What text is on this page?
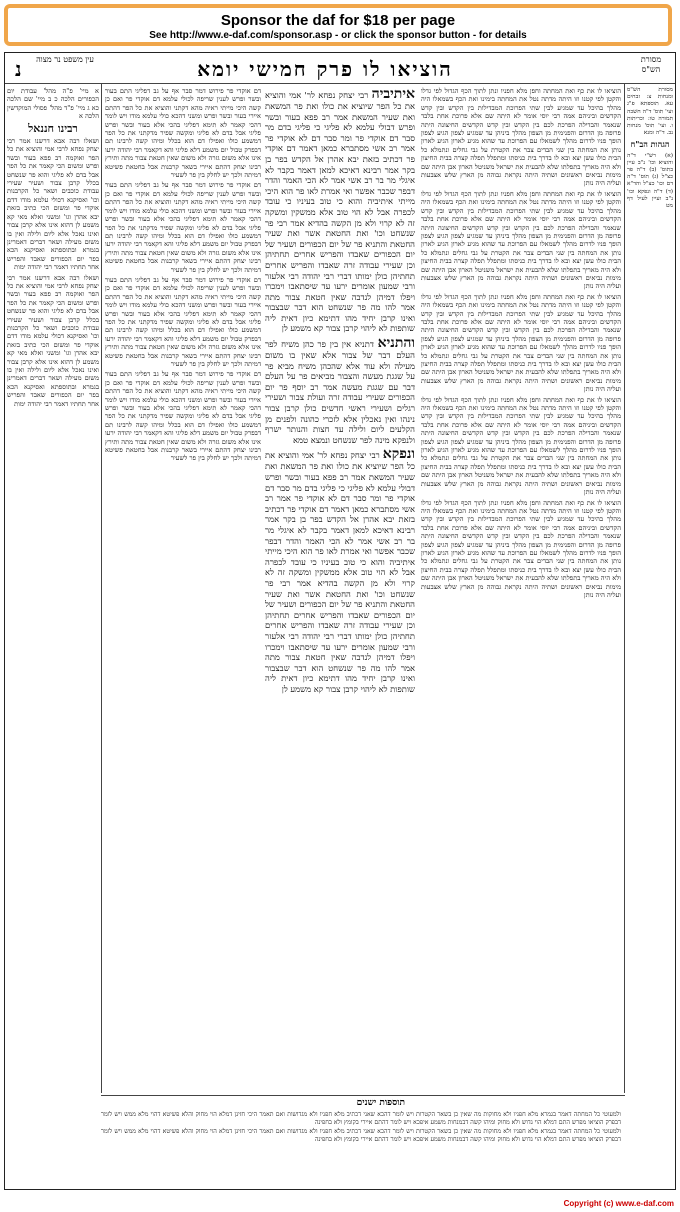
Sponsor the daf for $18 per page
See http://www.e-daf.com/sponsor.asp - or click the sponsor button - for details
מסורת הש"ס
הוציאו לו פרק חמישי יומא
נ עין משפט נר מצוה

מסורת הש"ס ומנחות צ: זבחים עא. תוספתא פ"ג ועי' תוס' ד"ה חשכה תמורה טו: וכריתות ו. ועי' תוס' מנחות נב. ד"ה ומנא

הגהות הב"ח

(א) רש"י ד"ה והוציא וכו' נ"ב עיין בתוס' (ב) ד"ה פר כצ"ל (ג) תוס' ד"ה דם וכו' כצ"ל והד"א (ד) ד"ה ונפקא וכו' נ"ב ועיין לעיל דף מט

הוציאו לו את כף ואת המחתה וחפן מלא חפניו ונתן לתוך הכף הגדול לפי גדלו והקטן לפי קטנו וזו היתה מדתה נטל את המחתה בימינו ואת הכף בשמאלו היה מהלך בהיכל עד שמגיע לבין שתי הפרוכת המבדילות בין הקדש ובין קדש הקדשים וביניהם אמה רבי יוסי אומר לא היתה שם אלא פרוכת אחת בלבד שנאמר והבדילה הפרכת לכם בין הקדש ובין קדש הקדשים החיצונה היתה פרופה מן הדרום והפנימית מן הצפון מהלך ביניהן עד שמגיע לצפון הגיע לצפון הופך פניו לדרום מהלך לשמאלו עם הפרוכת עד שהוא מגיע לארון הגיע לארון נותן את המחתה בין שני הבדים צבר את הקטרת על גבי גחלים ונתמלא כל הבית כולו עשן יצא ובא לו בדרך בית כניסתו ומתפלל תפלה קצרה בבית החיצון ולא היה מאריך בתפלתו שלא להבעית את ישראל משניטל הארון אבן היתה שם מימות נביאים ראשונים ושתיה היתה נקראת גבוהה מן הארץ שלש אצבעות ועליה היה נותן

הוציאו לו את כף ואת המחתה וחפן מלא חפניו ונתן לתוך הכף הגדול לפי גדלו והקטן לפי קטנו וזו היתה מדתה נטל את המחתה בימינו ואת הכף בשמאלו היה מהלך בהיכל עד שמגיע לבין שתי הפרוכת המבדילות בין הקדש ובין קדש הקדשים וביניהם אמה רבי יוסי אומר לא היתה שם אלא פרוכת אחת בלבד שנאמר והבדילה הפרכת לכם בין הקדש ובין קדש הקדשים החיצונה היתה פרופה מן הדרום והפנימית מן הצפון מהלך ביניהן עד שמגיע לצפון הגיע לצפון הופך פניו לדרום מהלך לשמאלו עם הפרוכת עד שהוא מגיע לארון הגיע לארון נותן את המחתה בין שני הבדים צבר את הקטרת על גבי גחלים ונתמלא כל הבית כולו עשן יצא ובא לו בדרך בית כניסתו ומתפלל תפלה קצרה בבית החיצון ולא היה מאריך בתפלתו שלא להבעית את ישראל משניטל הארון אבן היתה שם מימות נביאים ראשונים ושתיה היתה נקראת גבוהה מן הארץ שלש אצבעות ועליה היה נותן

הוציאו לו את כף ואת המחתה וחפן מלא חפניו ונתן לתוך הכף הגדול לפי גדלו והקטן לפי קטנו וזו היתה מדתה נטל את המחתה בימינו ואת הכף בשמאלו היה מהלך בהיכל עד שמגיע לבין שתי הפרוכת המבדילות בין הקדש ובין קדש הקדשים וביניהם אמה רבי יוסי אומר לא היתה שם אלא פרוכת אחת בלבד שנאמר והבדילה הפרכת לכם בין הקדש ובין קדש הקדשים החיצונה היתה פרופה מן הדרום והפנימית מן הצפון מהלך ביניהן עד שמגיע לצפון הגיע לצפון הופך פניו לדרום מהלך לשמאלו עם הפרוכת עד שהוא מגיע לארון הגיע לארון נותן את המחתה בין שני הבדים צבר את הקטרת על גבי גחלים ונתמלא כל הבית כולו עשן יצא ובא לו בדרך בית כניסתו ומתפלל תפלה קצרה בבית החיצון ולא היה מאריך בתפלתו שלא להבעית את ישראל משניטל הארון אבן היתה שם מימות נביאים ראשונים ושתיה היתה נקראת גבוהה מן הארץ שלש אצבעות ועליה היה נותן

הוציאו לו את כף ואת המחתה וחפן מלא חפניו ונתן לתוך הכף הגדול לפי גדלו והקטן לפי קטנו וזו היתה מדתה נטל את המחתה בימינו ואת הכף בשמאלו היה מהלך בהיכל עד שמגיע לבין שתי הפרוכת המבדילות בין הקדש ובין קדש הקדשים וביניהם אמה רבי יוסי אומר לא היתה שם אלא פרוכת אחת בלבד שנאמר והבדילה הפרכת לכם בין הקדש ובין קדש הקדשים החיצונה היתה פרופה מן הדרום והפנימית מן הצפון מהלך ביניהן עד שמגיע לצפון הגיע לצפון הופך פניו לדרום מהלך לשמאלו עם הפרוכת עד שהוא מגיע לארון הגיע לארון נותן את המחתה בין שני הבדים צבר את הקטרת על גבי גחלים ונתמלא כל הבית כולו עשן יצא ובא לו בדרך בית כניסתו ומתפלל תפלה קצרה בבית החיצון ולא היה מאריך בתפלתו שלא להבעית את ישראל משניטל הארון אבן היתה שם מימות נביאים ראשונים ושתיה היתה נקראת גבוהה מן הארץ שלש אצבעות ועליה היה נותן

הוציאו לו את כף ואת המחתה וחפן מלא חפניו ונתן לתוך הכף הגדול לפי גדלו והקטן לפי קטנו וזו היתה מדתה נטל את המחתה בימינו ואת הכף בשמאלו היה מהלך בהיכל עד שמגיע לבין שתי הפרוכת המבדילות בין הקדש ובין קדש הקדשים וביניהם אמה רבי יוסי אומר לא היתה שם אלא פרוכת אחת בלבד שנאמר והבדילה הפרכת לכם בין הקדש ובין קדש הקדשים החיצונה היתה פרופה מן הדרום והפנימית מן הצפון מהלך ביניהן עד שמגיע לצפון הגיע לצפון הופך פניו לדרום מהלך לשמאלו עם הפרוכת עד שהוא מגיע לארון הגיע לארון נותן את המחתה בין שני הבדים צבר את הקטרת על גבי גחלים ונתמלא כל הבית כולו עשן יצא ובא לו בדרך בית כניסתו ומתפלל תפלה קצרה בבית החיצון ולא היה מאריך בתפלתו שלא להבעית את ישראל משניטל הארון אבן היתה שם מימות נביאים ראשונים ושתיה היתה נקראת גבוהה מן הארץ שלש אצבעות ועליה היה נותן

איתיביה רבי יצחק נפחא לר' אמי והוציא את כל הפר שיוציא את כולו ואת פר המשאת ואת שעיר המשאת אמר רב פפא בעור ובשר ופרש דבולי עלמא לא פליגי כי פליגי בדם מר סבר דם אוקדי פר ומר סבר דם לא אוקדי פר אמר רב אשי מסתברא כמאן דאמר דם אוקדי פר דכתיב בזאת יבא אהרן אל הקדש בפר בן בקר אמר רבינא דאיכא למאן דאמר בקבר לא איגלי מר בר רב אשי אמר לא הכי האמר והדר דבפר שכבר אפשר ואי אמרת לאו פר הוא היכי מייתי איתיביה והוא כי טוב בעיניו כי עובד לכפרה אבל לא הוי טוב אלא ממשקין ומשקה זה לא קרוי ולא מן הקשה בהדיא אמר רבי פר שנשחט וכו' ואת החטאת אשר ואת שעיר החטאת והתניא פר של יום הכפורים ושעיר של יום הכפורים שאבדו והפריש אחרים תחתיהן וכן שעירי עבודה זרה שאבדו והפריש אחרים תחתיהן כולן ימותו דברי רבי יהודה רבי אלעזר ורבי שמעון אומרים ירעו עד שיסתאבו וימכרו ויפלו דמיהן לנדבה שאין חטאת צבור מתה אמר להו מה פר שנשחט הוא דבר שבצבור ואינו קרבן יחיד מהו דתימא כיון דאית ליה שותפות לא ליהוי קרבן צבור קא משמע לן

והתניא דתניא אין בין פר כהן משיח לפר העלם דבר של צבור אלא שאין בו משום מעילה ולא עוד אלא שהכהן משיח מביא פר על שגגת מעשה והצבור מביאים פר על העלם דבר עם שגגת מעשה אמר רב יוסף פר יום הכפורים שעירי עבודה זרה ועולת צבור ושעירי רגלים ושעירי ראשי חדשים כולן קרבן צבור נינהו ואין נאכלין אלא לזכרי כהונה ולפנים מן הקלעים ליום ולילה עד חצות והנותר ישרף ולנפקא מינה לפר שנשחט ונמצא טמא

ונפקא רבי יצחק נפחא לר' אמי והוציא את כל הפר שיוציא את כולו ואת פר המשאת ואת שעיר המשאת אמר רב פפא בעור ובשר ופרש דבולי עלמא לא פליגי כי פליגי בדם מר סבר דם אוקדי פר ומר סבר דם לא אוקדי פר אמר רב אשי מסתברא כמאן דאמר דם אוקדי פר דכתיב בזאת יבא אהרן אל הקדש בפר בן בקר אמר רבינא דאיכא למאן דאמר בקבר לא איגלי מר בר רב אשי אמר לא הכי האמר והדר דבפר שכבר אפשר ואי אמרת לאו פר הוא היכי מייתי איתיביה והוא כי טוב בעיניו כי עובד לכפרה אבל לא הוי טוב אלא ממשקין ומשקה זה לא קרוי ולא מן הקשה בהדיא אמר רבי פר שנשחט וכו' ואת החטאת אשר ואת שעיר החטאת והתניא פר של יום הכפורים ושעיר של יום הכפורים שאבדו והפריש אחרים תחתיהן וכן שעירי עבודה זרה שאבדו והפריש אחרים תחתיהן כולן ימותו דברי רבי יהודה רבי אלעזר ורבי שמעון אומרים ירעו עד שיסתאבו וימכרו ויפלו דמיהן לנדבה שאין חטאת צבור מתה אמר להו מה פר שנשחט הוא דבר שבצבור ואינו קרבן יחיד מהו דתימא כיון דאית ליה שותפות לא ליהוי קרבן צבור קא משמע לן

דם אוקדי פר פירוש דמר סבר אף על גב דפליגי התם בעור ובשר ופרש לענין שריפה לכולי עלמא דם אוקדי פר ואם כן קשה היכי מייתי ראיה מהא דקתני והוציא את כל הפר דהתם איירי בעור ובשר ופרש ומשני דהכא כולי עלמא מודו ויש לומר דהכי קאמר לא תימא דפליגי בהכי אלא בעור ובשר ופרש פליגי אבל בדם לא פליגי ומקשה שפיר מדקתני את כל הפר דמשמע כולו ואפילו דם הוא בכלל ומיהו קשה לרבינו תם דבפרק טבול יום משמע דלא פליגי והא דקאמר רבי יהודה ירעו אינו אלא משום גזרה ולא משום שאין חטאת צבור מתה ותירץ רבינו יצחק דהתם איירי בשאר קרבנות אבל בחטאת פשיטא דמיתה ולכך יש לחלק בין פר לשעיר

דם אוקדי פר פירוש דמר סבר אף על גב דפליגי התם בעור ובשר ופרש לענין שריפה לכולי עלמא דם אוקדי פר ואם כן קשה היכי מייתי ראיה מהא דקתני והוציא את כל הפר דהתם איירי בעור ובשר ופרש ומשני דהכא כולי עלמא מודו ויש לומר דהכי קאמר לא תימא דפליגי בהכי אלא בעור ובשר ופרש פליגי אבל בדם לא פליגי ומקשה שפיר מדקתני את כל הפר דמשמע כולו ואפילו דם הוא בכלל ומיהו קשה לרבינו תם דבפרק טבול יום משמע דלא פליגי והא דקאמר רבי יהודה ירעו אינו אלא משום גזרה ולא משום שאין חטאת צבור מתה ותירץ רבינו יצחק דהתם איירי בשאר קרבנות אבל בחטאת פשיטא דמיתה ולכך יש לחלק בין פר לשעיר

דם אוקדי פר פירוש דמר סבר אף על גב דפליגי התם בעור ובשר ופרש לענין שריפה לכולי עלמא דם אוקדי פר ואם כן קשה היכי מייתי ראיה מהא דקתני והוציא את כל הפר דהתם איירי בעור ובשר ופרש ומשני דהכא כולי עלמא מודו ויש לומר דהכי קאמר לא תימא דפליגי בהכי אלא בעור ובשר ופרש פליגי אבל בדם לא פליגי ומקשה שפיר מדקתני את כל הפר דמשמע כולו ואפילו דם הוא בכלל ומיהו קשה לרבינו תם דבפרק טבול יום משמע דלא פליגי והא דקאמר רבי יהודה ירעו אינו אלא משום גזרה ולא משום שאין חטאת צבור מתה ותירץ רבינו יצחק דהתם איירי בשאר קרבנות אבל בחטאת פשיטא דמיתה ולכך יש לחלק בין פר לשעיר

דם אוקדי פר פירוש דמר סבר אף על גב דפליגי התם בעור ובשר ופרש לענין שריפה לכולי עלמא דם אוקדי פר ואם כן קשה היכי מייתי ראיה מהא דקתני והוציא את כל הפר דהתם איירי בעור ובשר ופרש ומשני דהכא כולי עלמא מודו ויש לומר דהכי קאמר לא תימא דפליגי בהכי אלא בעור ובשר ופרש פליגי אבל בדם לא פליגי ומקשה שפיר מדקתני את כל הפר דמשמע כולו ואפילו דם הוא בכלל ומיהו קשה לרבינו תם דבפרק טבול יום משמע דלא פליגי והא דקאמר רבי יהודה ירעו אינו אלא משום גזרה ולא משום שאין חטאת צבור מתה ותירץ רבינו יצחק דהתם איירי בשאר קרבנות אבל בחטאת פשיטא דמיתה ולכך יש לחלק בין פר לשעיר

א מיי' פ"ה מהל' עבודת יום הכפורים הלכה כ ב מיי' שם הלכה כא ג מיי' פ"ד מהל' פסולי המוקדשין הלכה א

רבינו חננאל

ושאלו רבה אבא דרשנו אמר רבי יצחק נפחא לרבי אמי והוציא את כל הפר ואוקמה רב פפא בעור ובשר ופרש ומשום הכי קאמר את כל הפר אבל בדם לא פליגי והוא פר שנשחט בכלל קרבן צבור ושעיר שעירי עבודת כוכבים ושאר כל הקרבנות וכו' ואסיקנא דכולי עלמא מודו דדם אוקדי פר ומשום הכי כתיב בזאת יבא אהרן וגו' ומשני ואלא מאי קא משמע לן דהוא אינו אלא קרבן צבור ואינו נאכל אלא ליום ולילה ואין בו משום מעילה ושאר דברים דאמרינן בגמרא ובתוספתא ואסיקנא הכא בפר יום הכפורים שאבד והפריש אחר תחתיו דאמר רבי יהודה ימות

ושאלו רבה אבא דרשנו אמר רבי יצחק נפחא לרבי אמי והוציא את כל הפר ואוקמה רב פפא בעור ובשר ופרש ומשום הכי קאמר את כל הפר אבל בדם לא פליגי והוא פר שנשחט בכלל קרבן צבור ושעיר שעירי עבודת כוכבים ושאר כל הקרבנות וכו' ואסיקנא דכולי עלמא מודו דדם אוקדי פר ומשום הכי כתיב בזאת יבא אהרן וגו' ומשני ואלא מאי קא משמע לן דהוא אינו אלא קרבן צבור ואינו נאכל אלא ליום ולילה ואין בו משום מעילה ושאר דברים דאמרינן בגמרא ובתוספתא ואסיקנא הכא בפר יום הכפורים שאבד והפריש אחר תחתיו דאמר רבי יהודה ימות

תוספות ישנים

ולמעוטי כל המחתה דאמר בגמרא מלא חפניו ולא מחוקות מה שאין כן בשאר הקטרות ויש לומר דהכא שאני דכתיב מלא חפניו ולא מגדושות ואם תאמר היכי חזינן דמלא הוי מחוק והלא פשיטא דהוי מלא ממש ויש לומר דבפרק הוציאו מפרש התם דמלא הוי גדוש ולא מחוק ומיהו קשה דבמנחות משמע איפכא ויש לומר דהתם איירי בקומץ ולא בחפינה

ולמעוטי כל המחתה דאמר בגמרא מלא חפניו ולא מחוקות מה שאין כן בשאר הקטרות ויש לומר דהכא שאני דכתיב מלא חפניו ולא מגדושות ואם תאמר היכי חזינן דמלא הוי מחוק והלא פשיטא דהוי מלא ממש ויש לומר דבפרק הוציאו מפרש התם דמלא הוי גדוש ולא מחוק ומיהו קשה דבמנחות משמע איפכא ויש לומר דהתם איירי בקומץ ולא בחפינה

Copyright (c) www.e-daf.com
